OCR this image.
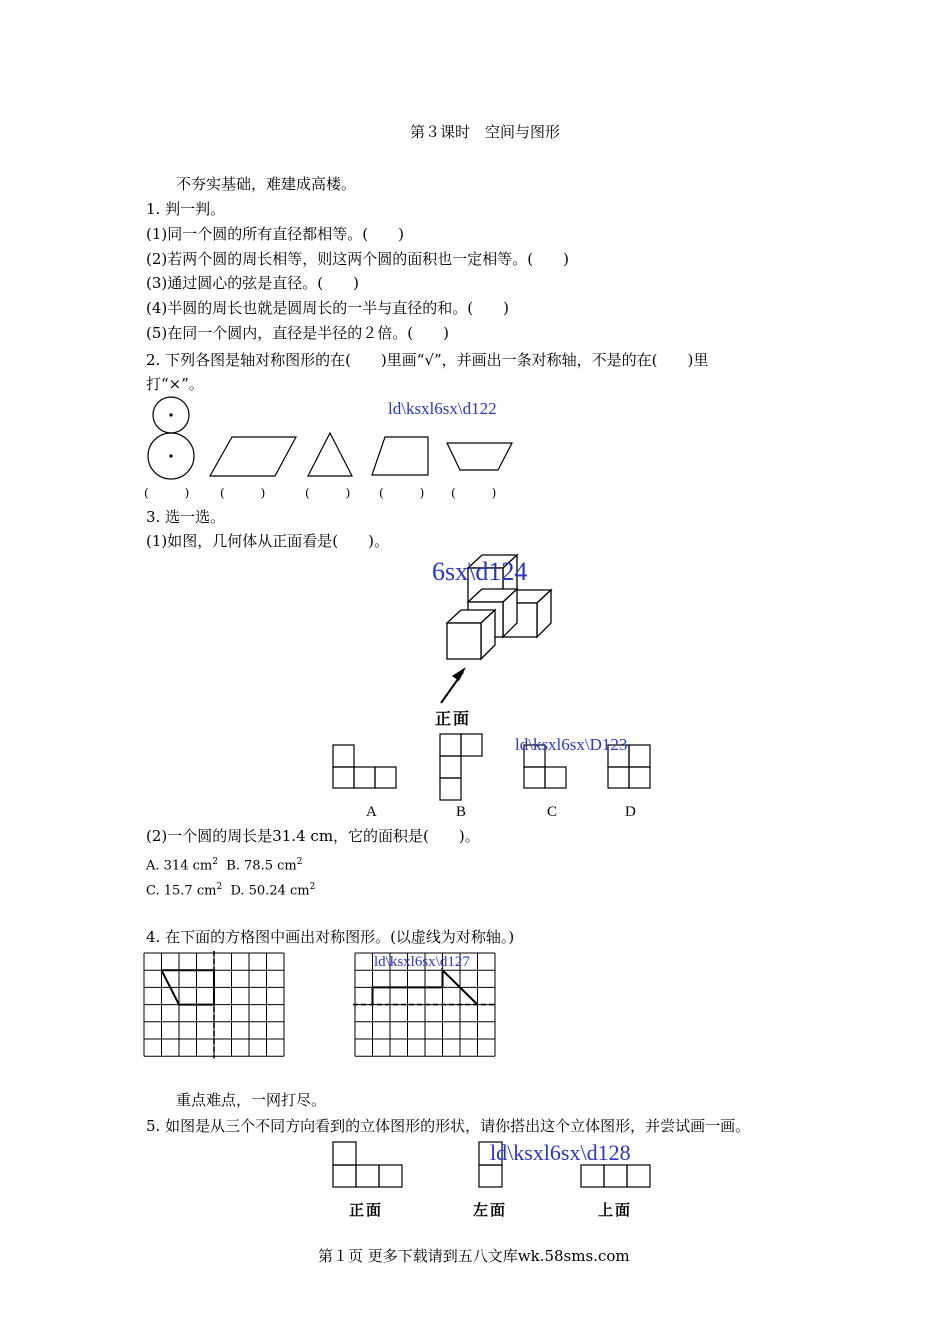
第３课时　空间与图形
不夯实基础，难建成高楼。
1. 判一判。
(1)同一个圆的所有直径都相等。(　　)
(2)若两个圆的周长相等，则这两个圆的面积也一定相等。(　　)
(3)通过圆心的弦是直径。(　　)
(4)半圆的周长也就是圆周长的一半与直径的和。(　　)
(5)在同一个圆内，直径是半径的２倍。(　　)
2. 下列各图是轴对称图形的在(　　)里画“√”，并画出一条对称轴，不是的在(　　)里
打“×”。
ld\ksxl6sx\d122
(　　　)	(　　　)	(　　　) (　　　) (　　　)
3. 选一选。
(1)如图，几何体从正面看是(　　)。
6sx\d124
正面
ld\ksxl6sx\D123
A	B	C	D
(2)一个圆的周长是31.4 cm，它的面积是(　　)。
A. 314 $cm^2$ B. 78.5 $cm^2$
C. 15.7 $cm^2$ D. 50.24 $cm^2$
4. 在下面的方格图中画出对称图形。(以虚线为对称轴。)
ld\ksxl6sx\d127
重点难点，一网打尽。
5. 如图是从三个不同方向看到的立体图形的形状，请你搭出这个立体图形，并尝试画一画。
ld\ksxl6sx\d128
正面	左面	上面
第１页 更多下载请到五八文库wk.58sms.com
